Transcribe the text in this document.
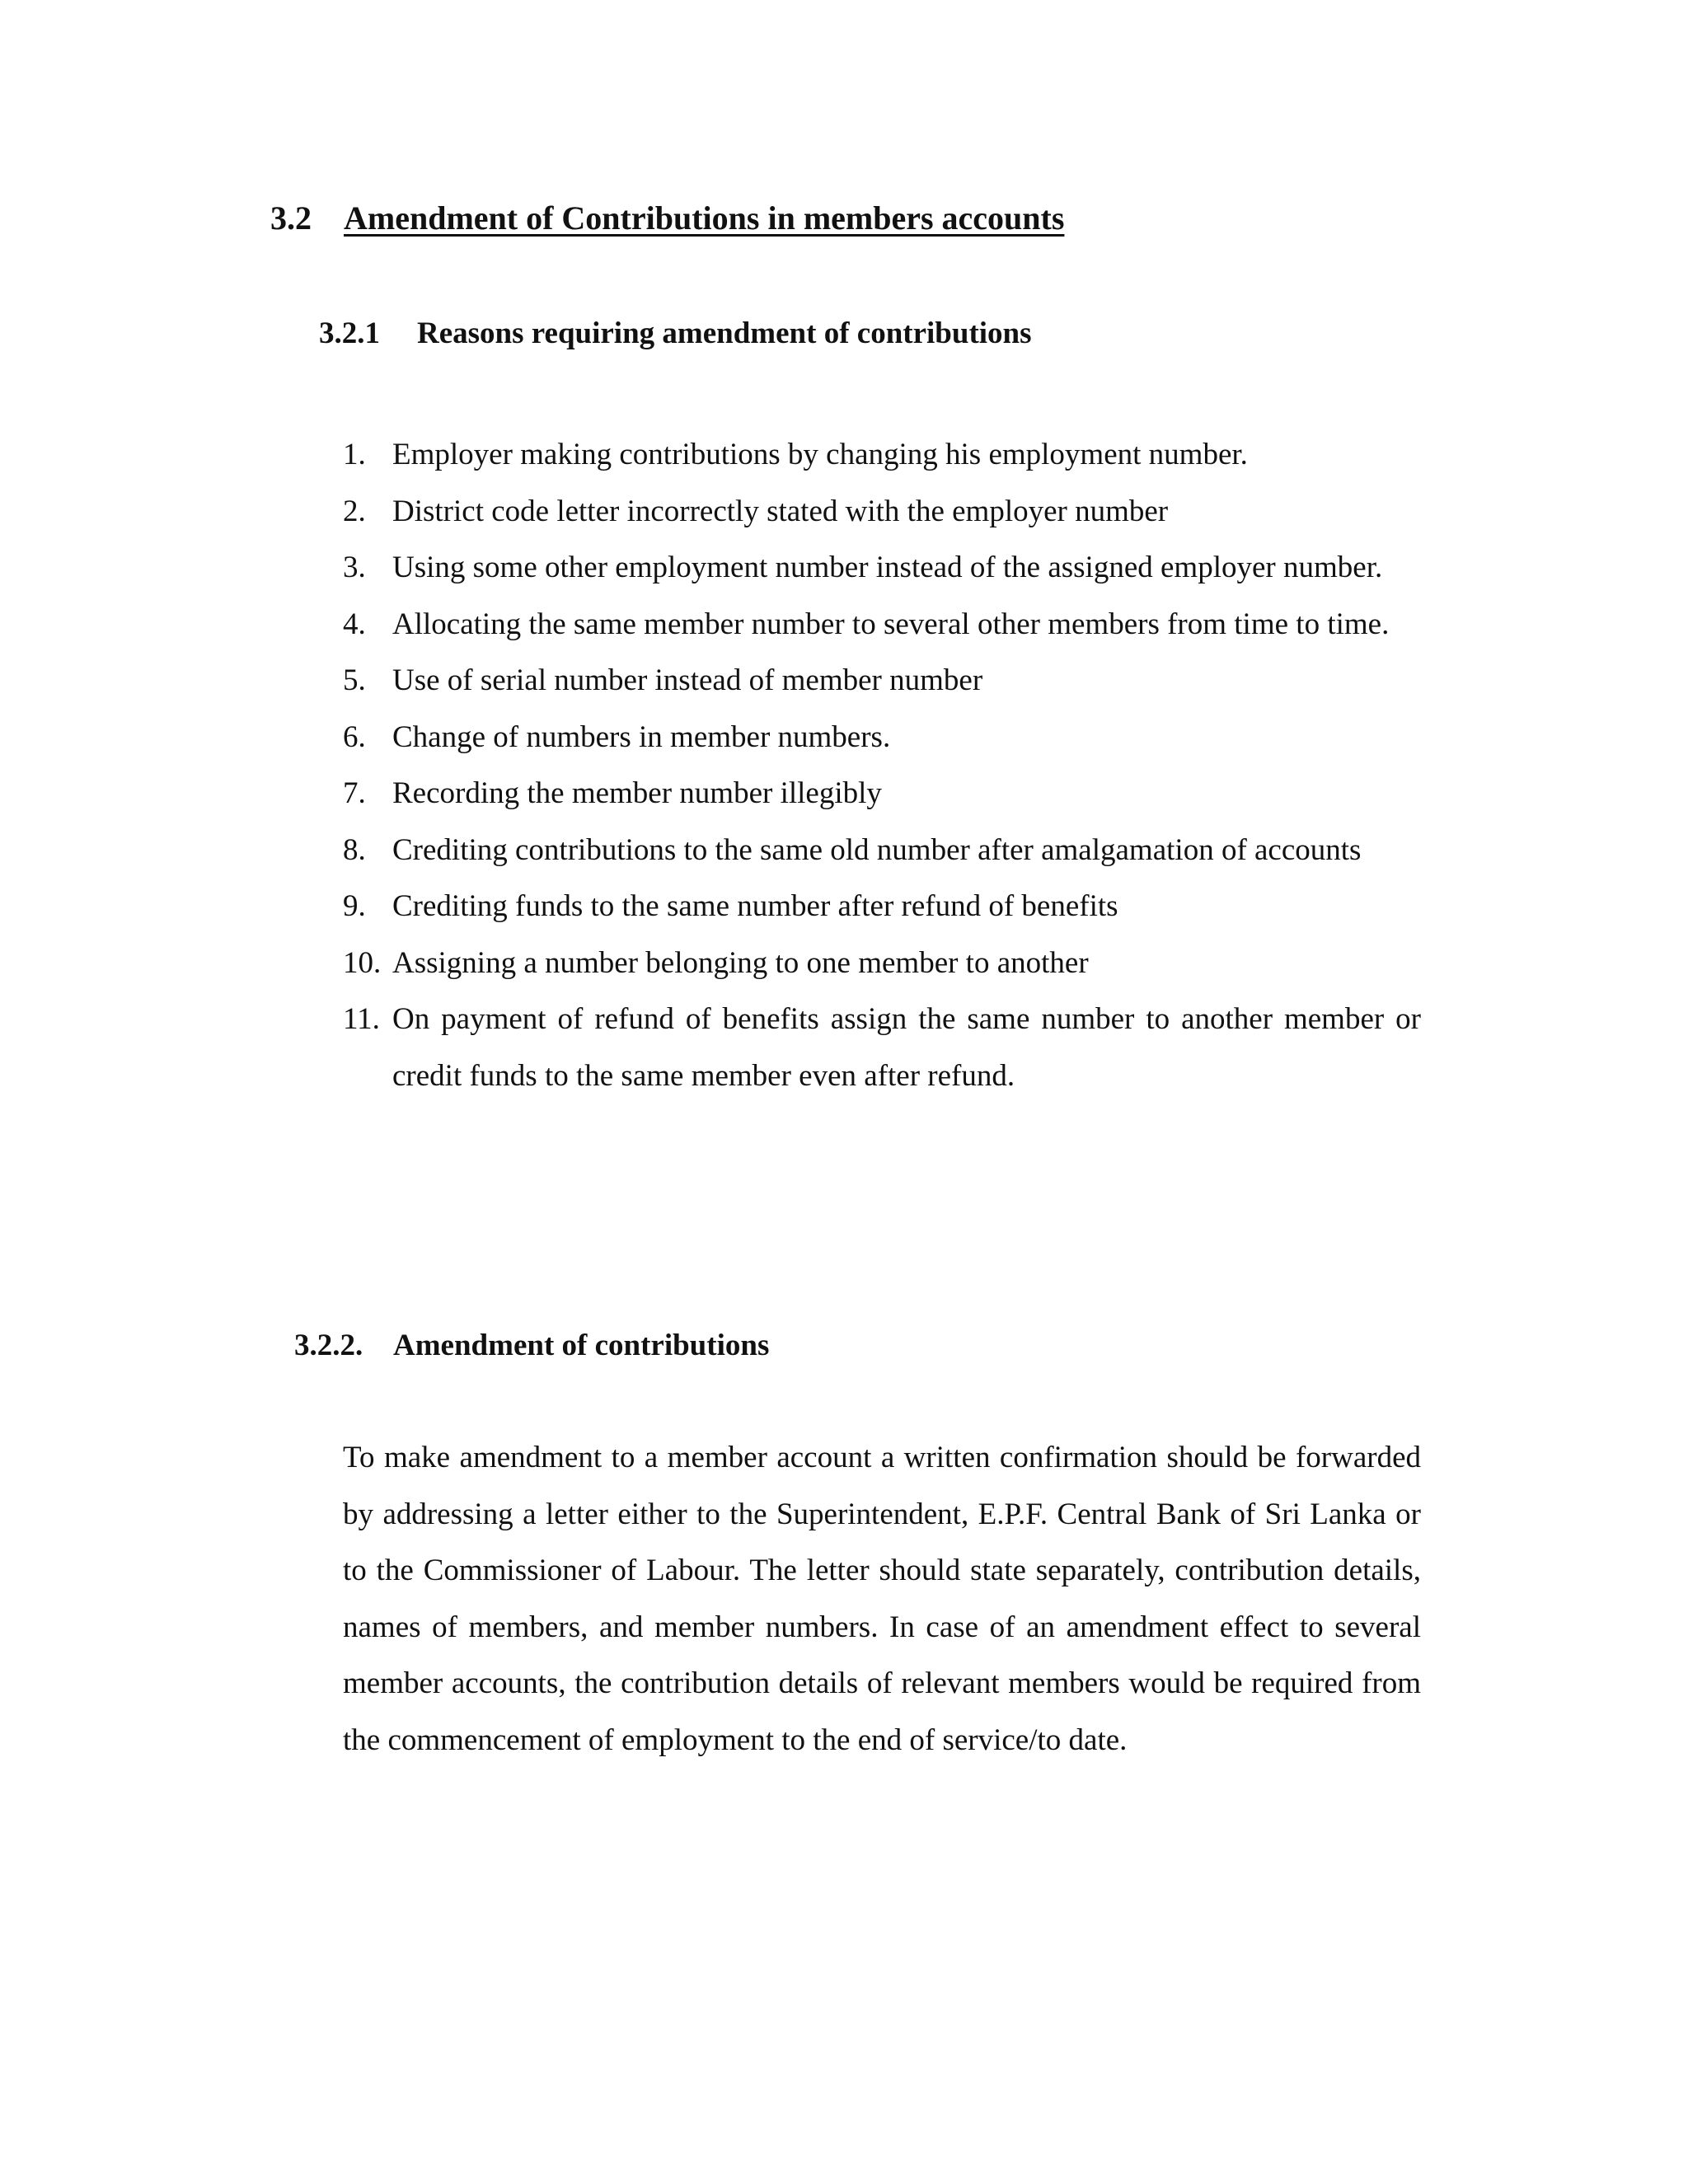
3.2 Amendment of Contributions in members accounts
3.2.1 Reasons requiring amendment of contributions
1. Employer making contributions by changing his employment number.
2. District code letter incorrectly stated with the employer number
3. Using some other employment number instead of the assigned employer number.
4. Allocating the same member number to several other members from time to time.
5. Use of serial number instead of member number
6. Change of numbers in member numbers.
7. Recording the member number illegibly
8. Crediting contributions to the same old number after amalgamation of accounts
9. Crediting funds to the same number after refund of benefits
10. Assigning a number belonging to one member to another
11. On payment of refund of benefits assign the same number to another member or credit funds to the same member even after refund.
3.2.2. Amendment of contributions

To make amendment to a member account a written confirmation should be forwarded by addressing a letter either to the Superintendent, E.P.F. Central Bank of Sri Lanka or to the Commissioner of Labour. The letter should state separately, contribution details, names of members, and member numbers. In case of an amendment effect to several member accounts, the contribution details of relevant members would be required from the commencement of employment to the end of service/to date.
